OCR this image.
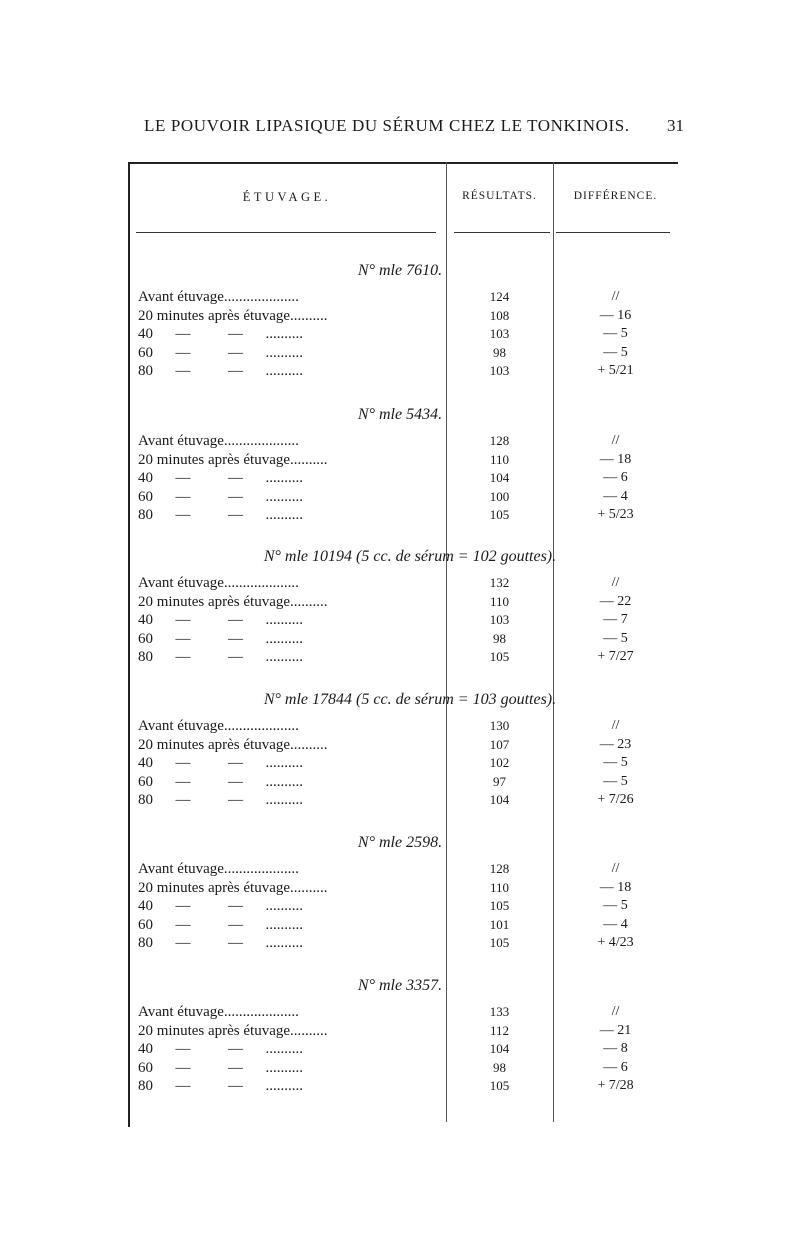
LE POUVOIR LIPASIQUE DU SÉRUM CHEZ LE TONKINOIS. 31
ÉTUVAGE.	RÉSULTATS.	DIFFÉRENCE.
N° mle 7610.
Avant étuvage....................	124	//
20 minutes après étuvage..........	108	— 16
40      —          —      ..........	103	— 5
60      —          —      ..........	98	— 5
80      —          —      ..........	103	+ 5/21
N° mle 5434.
Avant étuvage....................	128	//
20 minutes après étuvage..........	110	— 18
40      —          —      ..........	104	— 6
60      —          —      ..........	100	— 4
80      —          —      ..........	105	+ 5/23
N° mle 10194 (5 cc. de sérum = 102 gouttes).
Avant étuvage....................	132	//
20 minutes après étuvage..........	110	— 22
40      —          —      ..........	103	— 7
60      —          —      ..........	98	— 5
80      —          —      ..........	105	+ 7/27
N° mle 17844 (5 cc. de sérum = 103 gouttes).
Avant étuvage....................	130	//
20 minutes après étuvage..........	107	— 23
40      —          —      ..........	102	— 5
60      —          —      ..........	97	— 5
80      —          —      ..........	104	+ 7/26
N° mle 2598.
Avant étuvage....................	128	//
20 minutes après étuvage..........	110	— 18
40      —          —      ..........	105	— 5
60      —          —      ..........	101	— 4
80      —          —      ..........	105	+ 4/23
N° mle 3357.
Avant étuvage....................	133	//
20 minutes après étuvage..........	112	— 21
40      —          —      ..........	104	— 8
60      —          —      ..........	98	— 6
80      —          —      ..........	105	+ 7/28
